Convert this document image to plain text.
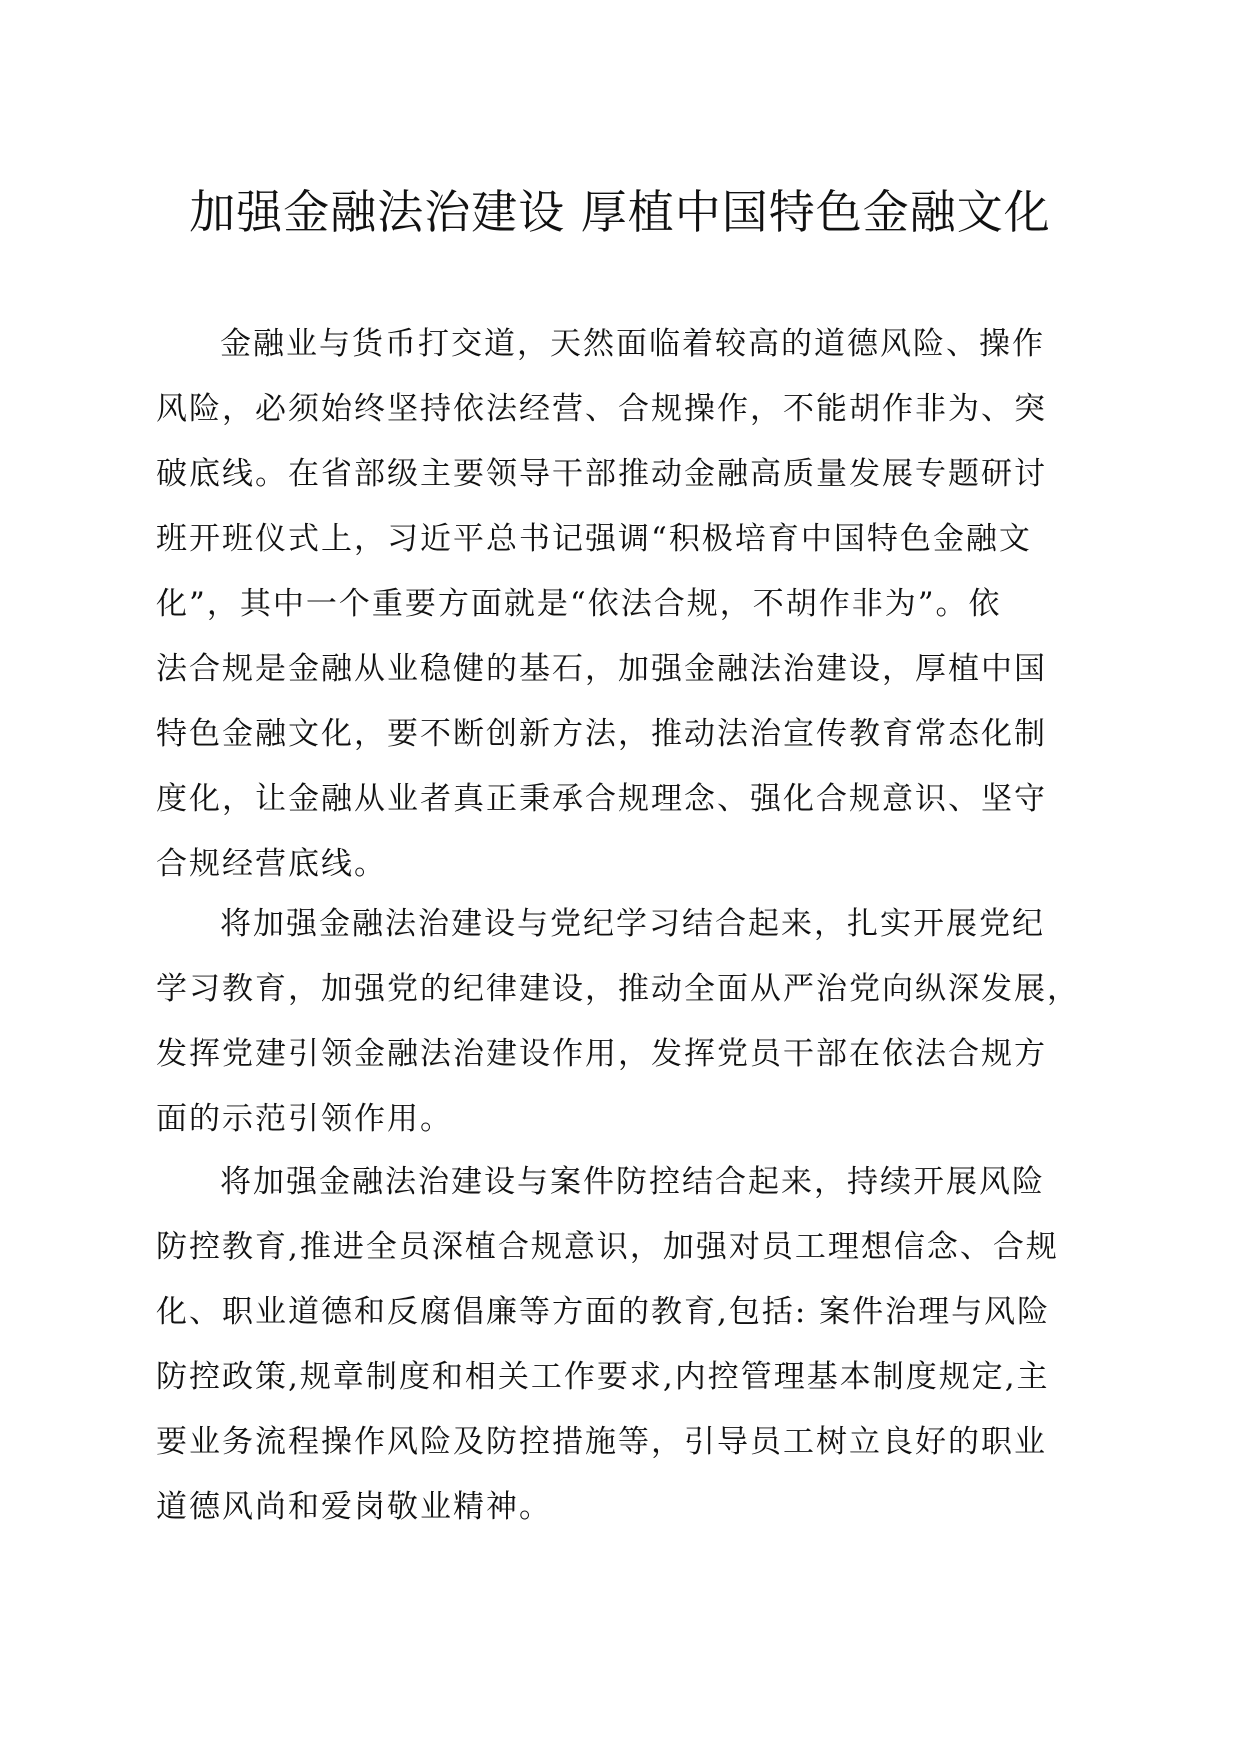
加强金融法治建设 厚植中国特色金融文化
金融业与货币打交道，天然面临着较高的道德风险、操作
风险，必须始终坚持依法经营、合规操作，不能胡作非为、突
破底线。在省部级主要领导干部推动金融高质量发展专题研讨
班开班仪式上，习近平总书记强调“积极培育中国特色金融文
化”，其中一个重要方面就是“依法合规，不胡作非为”。依
法合规是金融从业稳健的基石，加强金融法治建设，厚植中国
特色金融文化，要不断创新方法，推动法治宣传教育常态化制
度化，让金融从业者真正秉承合规理念、强化合规意识、坚守
合规经营底线。
将加强金融法治建设与党纪学习结合起来，扎实开展党纪
学习教育，加强党的纪律建设，推动全面从严治党向纵深发展，
发挥党建引领金融法治建设作用，发挥党员干部在依法合规方
面的示范引领作用。
将加强金融法治建设与案件防控结合起来，持续开展风险
防控教育,推进全员深植合规意识，加强对员工理想信念、合规
化、职业道德和反腐倡廉等方面的教育,包括: 案件治理与风险
防控政策,规章制度和相关工作要求,内控管理基本制度规定,主
要业务流程操作风险及防控措施等，引导员工树立良好的职业
道德风尚和爱岗敬业精神。
